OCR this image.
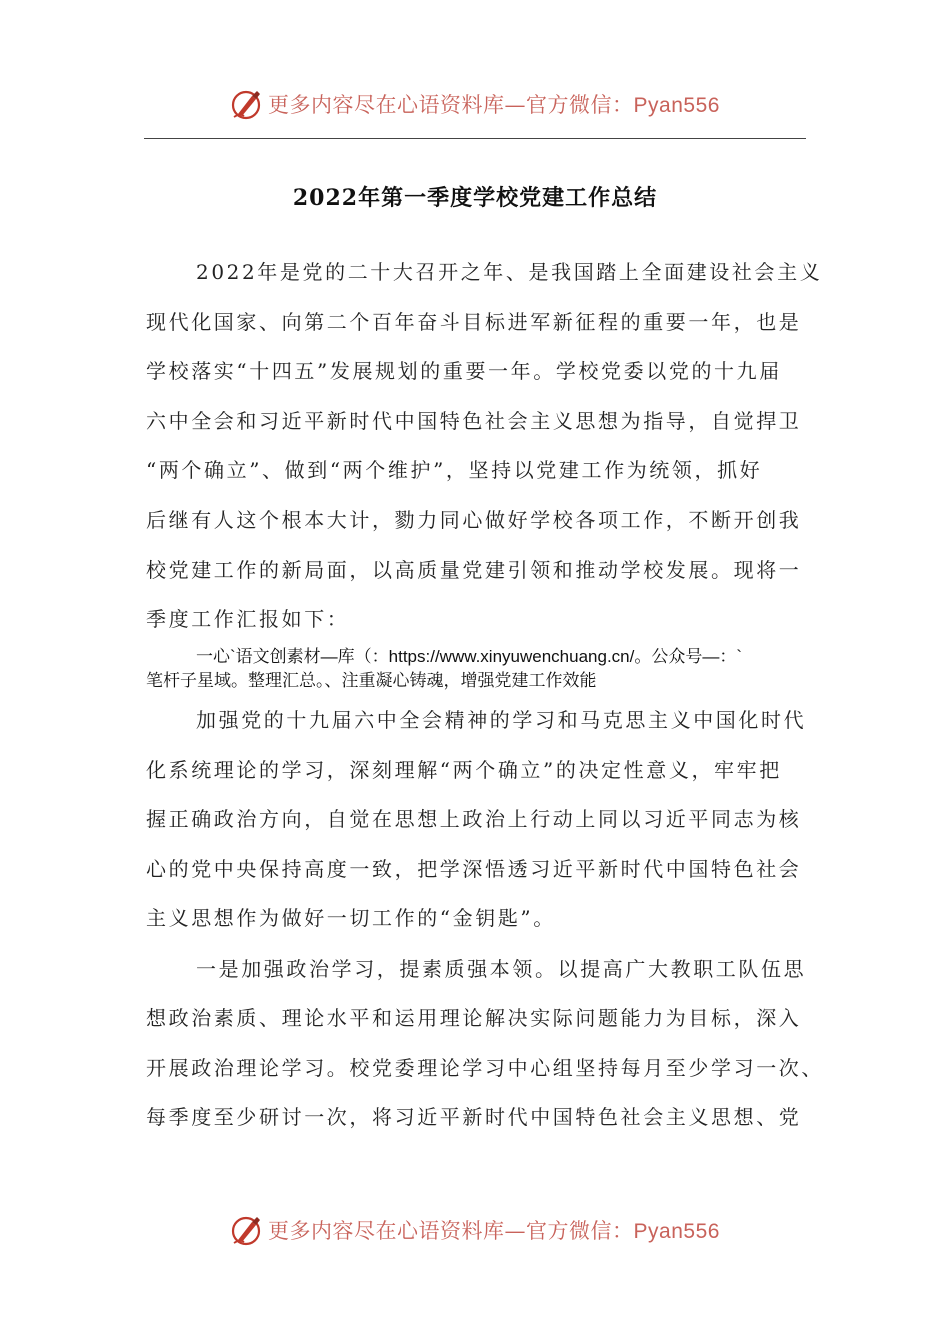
更多内容尽在心语资料库—官方微信：Pyan556
2022年第一季度学校党建工作总结
2022年是党的二十大召开之年、是我国踏上全面建设社会主义
现代化国家、向第二个百年奋斗目标进军新征程的重要一年，也是
学校落实“十四五”发展规划的重要一年。学校党委以党的十九届
六中全会和习近平新时代中国特色社会主义思想为指导，自觉捍卫
“两个确立”、做到“两个维护”，坚持以党建工作为统领，抓好
后继有人这个根本大计，勠力同心做好学校各项工作，不断开创我
校党建工作的新局面，以高质量党建引领和推动学校发展。现将一
季度工作汇报如下：
一心`语文创素材—库（：https://www.xinyuwenchuang.cn/。公众号—：`
笔杆子星域。整理汇总。、注重凝心铸魂，增强党建工作效能
加强党的十九届六中全会精神的学习和马克思主义中国化时代
化系统理论的学习，深刻理解“两个确立”的决定性意义，牢牢把
握正确政治方向，自觉在思想上政治上行动上同以习近平同志为核
心的党中央保持高度一致，把学深悟透习近平新时代中国特色社会
主义思想作为做好一切工作的“金钥匙”。
一是加强政治学习，提素质强本领。以提高广大教职工队伍思
想政治素质、理论水平和运用理论解决实际问题能力为目标，深入
开展政治理论学习。校党委理论学习中心组坚持每月至少学习一次、
每季度至少研讨一次，将习近平新时代中国特色社会主义思想、党
更多内容尽在心语资料库—官方微信：Pyan556
